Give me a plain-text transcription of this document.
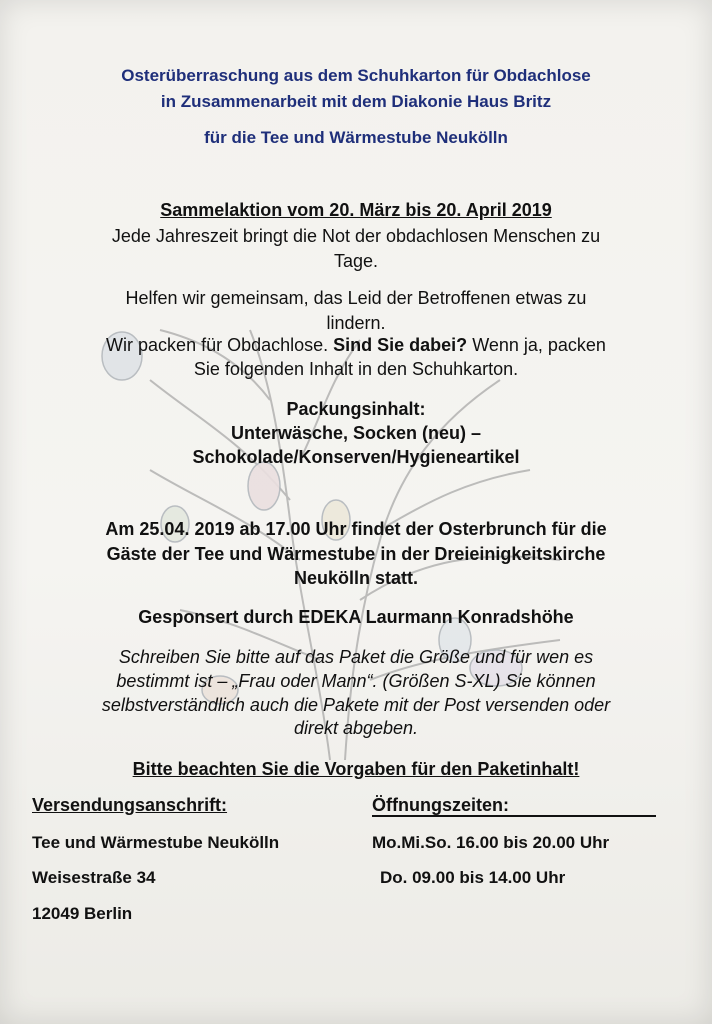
Osterüberraschung aus dem Schuhkarton für Obdachlose
in Zusammenarbeit mit dem Diakonie Haus Britz
für die Tee und Wärmestube Neukölln
Sammelaktion vom 20. März bis 20. April 2019
Jede Jahreszeit bringt die Not der obdachlosen Menschen zu
Tage.
Helfen wir gemeinsam, das Leid der Betroffenen etwas zu
lindern.
Wir packen für Obdachlose. Sind Sie dabei? Wenn ja, packen
Sie folgenden Inhalt in den Schuhkarton.
Packungsinhalt:
Unterwäsche, Socken (neu) –
Schokolade/Konserven/Hygieneartikel
Am 25.04. 2019 ab 17.00 Uhr findet der Osterbrunch für die
Gäste der Tee und Wärmestube in der Dreieinigkeitskirche
Neukölln statt.
Gesponsert durch EDEKA Laurmann Konradshöhe
Schreiben Sie bitte auf das Paket die Größe und für wen es
bestimmt ist – „Frau oder Mann“. (Größen S-XL) Sie können
selbstverständlich auch die Pakete mit der Post versenden oder
direkt abgeben.
Bitte beachten Sie die Vorgaben für den Paketinhalt!
Versendungsanschrift:	Öffnungszeiten:
Tee und Wärmestube Neukölln
Weisestraße 34
12049 Berlin
Mo.Mi.So. 16.00 bis 20.00 Uhr
Do. 09.00 bis 14.00 Uhr
